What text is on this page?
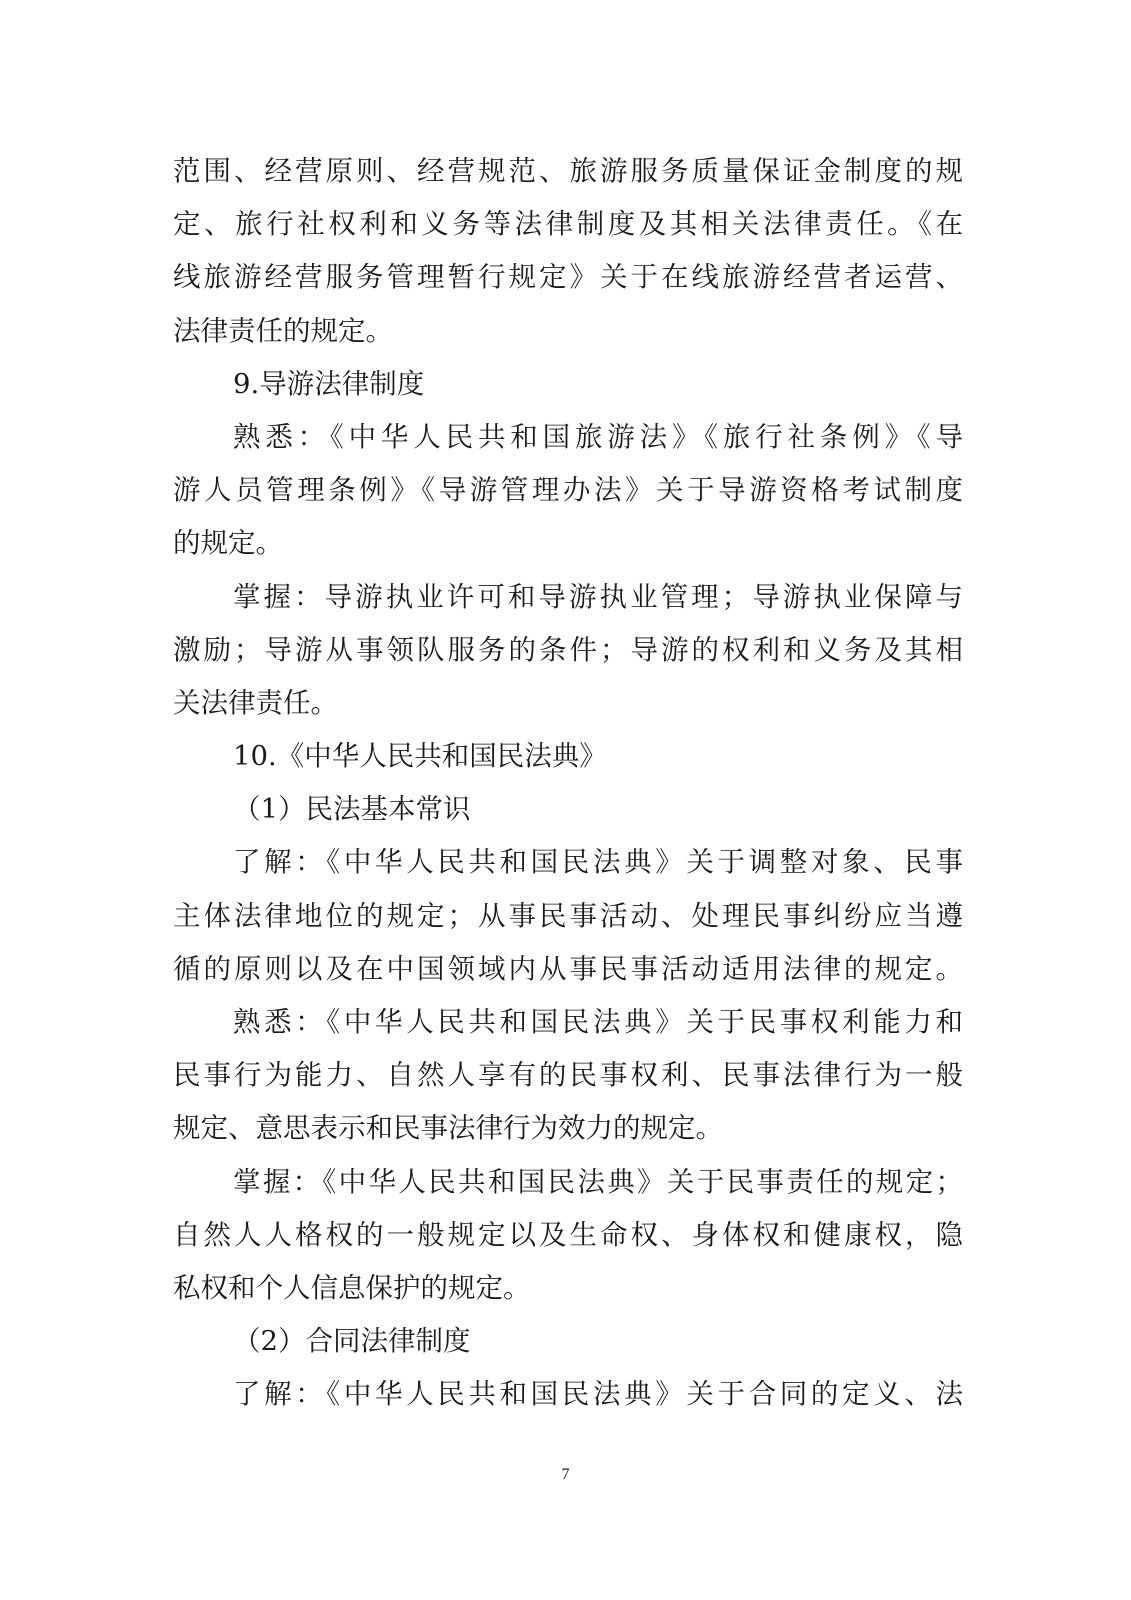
范围、经营原则、经营规范、旅游服务质量保证金制度的规
定、旅行社权利和义务等法律制度及其相关法律责任。《在
线旅游经营服务管理暂行规定》关于在线旅游经营者运营、
法律责任的规定。
9.导游法律制度
熟悉：《中华人民共和国旅游法》《旅行社条例》《导
游人员管理条例》《导游管理办法》关于导游资格考试制度
的规定。
掌握：导游执业许可和导游执业管理；导游执业保障与
激励；导游从事领队服务的条件；导游的权利和义务及其相
关法律责任。
10.《中华人民共和国民法典》
（1）民法基本常识
了解：《中华人民共和国民法典》关于调整对象、民事
主体法律地位的规定；从事民事活动、处理民事纠纷应当遵
循的原则以及在中国领域内从事民事活动适用法律的规定。
熟悉：《中华人民共和国民法典》关于民事权利能力和
民事行为能力、自然人享有的民事权利、民事法律行为一般
规定、意思表示和民事法律行为效力的规定。
掌握：《中华人民共和国民法典》关于民事责任的规定；
自然人人格权的一般规定以及生命权、身体权和健康权，隐
私权和个人信息保护的规定。
（2）合同法律制度
了解：《中华人民共和国民法典》关于合同的定义、法
7
